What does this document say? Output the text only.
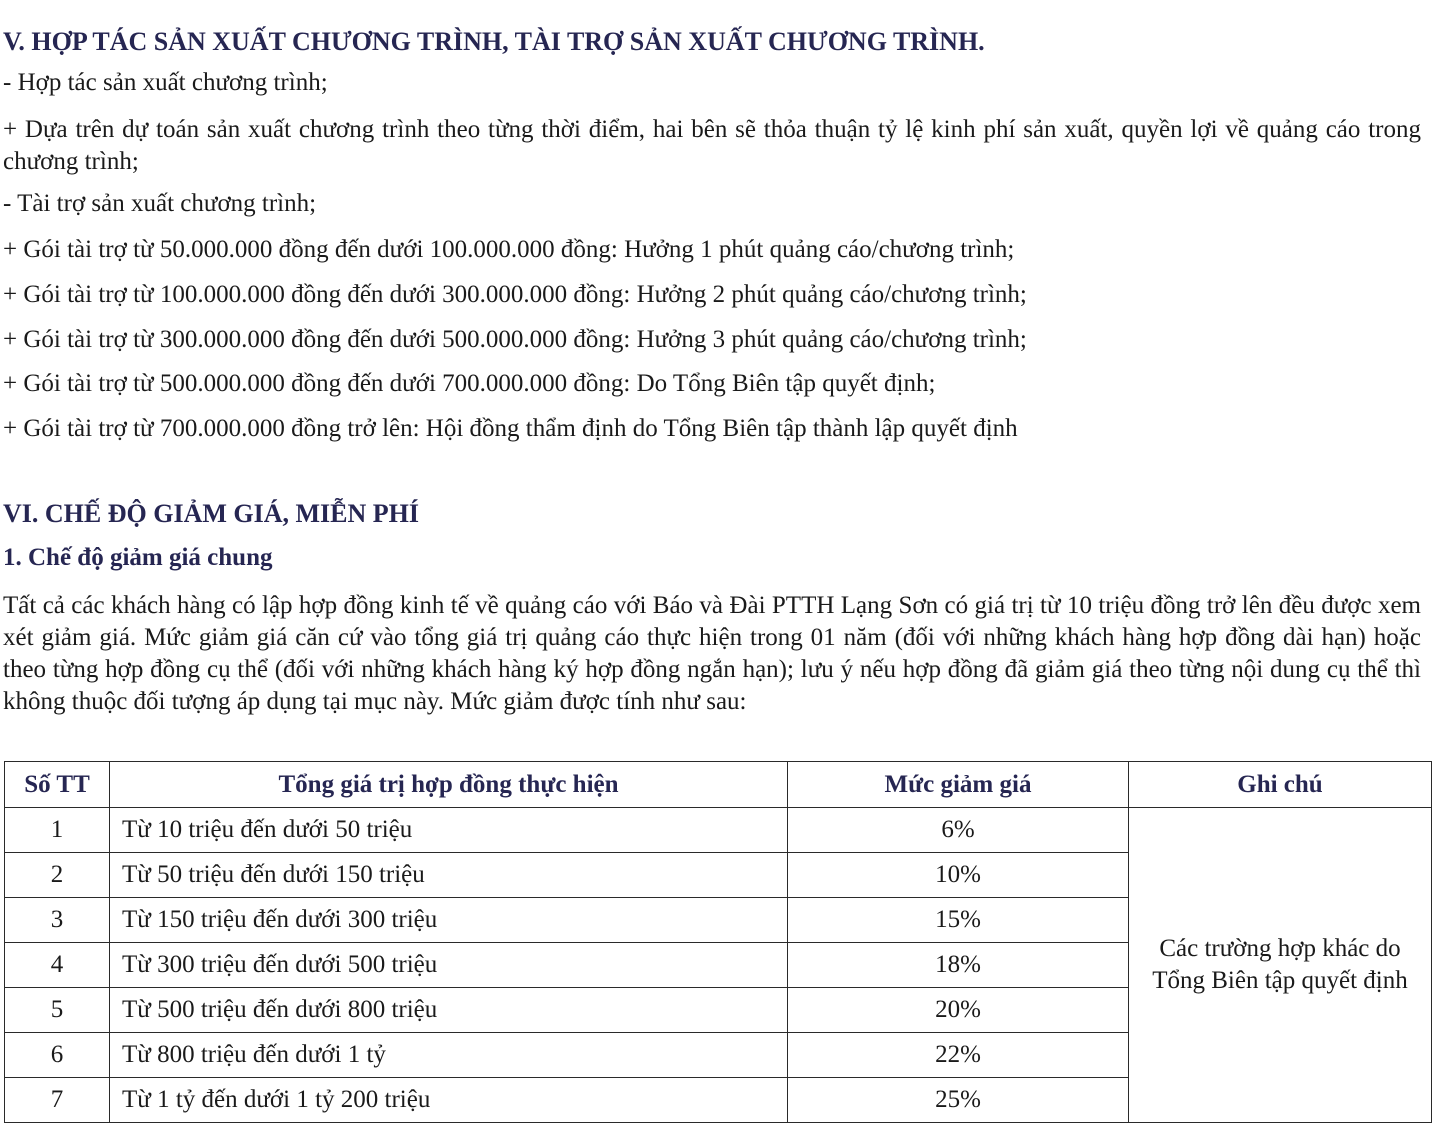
V. HỢP TÁC SẢN XUẤT CHƯƠNG TRÌNH, TÀI TRỢ SẢN XUẤT CHƯƠNG TRÌNH.
- Hợp tác sản xuất chương trình;
+ Dựa trên dự toán sản xuất chương trình theo từng thời điểm, hai bên sẽ thỏa thuận tỷ lệ kinh phí sản xuất, quyền lợi về quảng cáo trong chương trình;
- Tài trợ sản xuất chương trình;
+ Gói tài trợ từ 50.000.000 đồng đến dưới 100.000.000 đồng: Hưởng 1 phút quảng cáo/chương trình;
+ Gói tài trợ từ 100.000.000 đồng đến dưới 300.000.000 đồng: Hưởng 2 phút quảng cáo/chương trình;
+ Gói tài trợ từ 300.000.000 đồng đến dưới 500.000.000 đồng: Hưởng 3 phút quảng cáo/chương trình;
+ Gói tài trợ từ 500.000.000 đồng đến dưới 700.000.000 đồng: Do Tổng Biên tập quyết định;
+ Gói tài trợ từ 700.000.000 đồng trở lên: Hội đồng thẩm định do Tổng Biên tập thành lập quyết định
VI. CHẾ ĐỘ GIẢM GIÁ, MIỄN PHÍ
1. Chế độ giảm giá chung
Tất cả các khách hàng có lập hợp đồng kinh tế về quảng cáo với Báo và Đài PTTH Lạng Sơn có giá trị từ 10 triệu đồng trở lên đều được xem xét giảm giá. Mức giảm giá căn cứ vào tổng giá trị quảng cáo thực hiện trong 01 năm (đối với những khách hàng hợp đồng dài hạn) hoặc theo từng hợp đồng cụ thể (đối với những khách hàng ký hợp đồng ngắn hạn); lưu ý nếu hợp đồng đã giảm giá theo từng nội dung cụ thể thì không thuộc đối tượng áp dụng tại mục này. Mức giảm được tính như sau:
Số TT	Tổng giá trị hợp đồng thực hiện	Mức giảm giá	Ghi chú
1	Từ 10 triệu đến dưới 50 triệu	6%	Các trường hợp khác do Tổng Biên tập quyết định
2	Từ 50 triệu đến dưới 150 triệu	10%	
3	Từ 150 triệu đến dưới 300 triệu	15%	
4	Từ 300 triệu đến dưới 500 triệu	18%	
5	Từ 500 triệu đến dưới 800 triệu	20%	
6	Từ 800 triệu đến dưới 1 tỷ	22%	
7	Từ 1 tỷ đến dưới 1 tỷ 200 triệu	25%	
